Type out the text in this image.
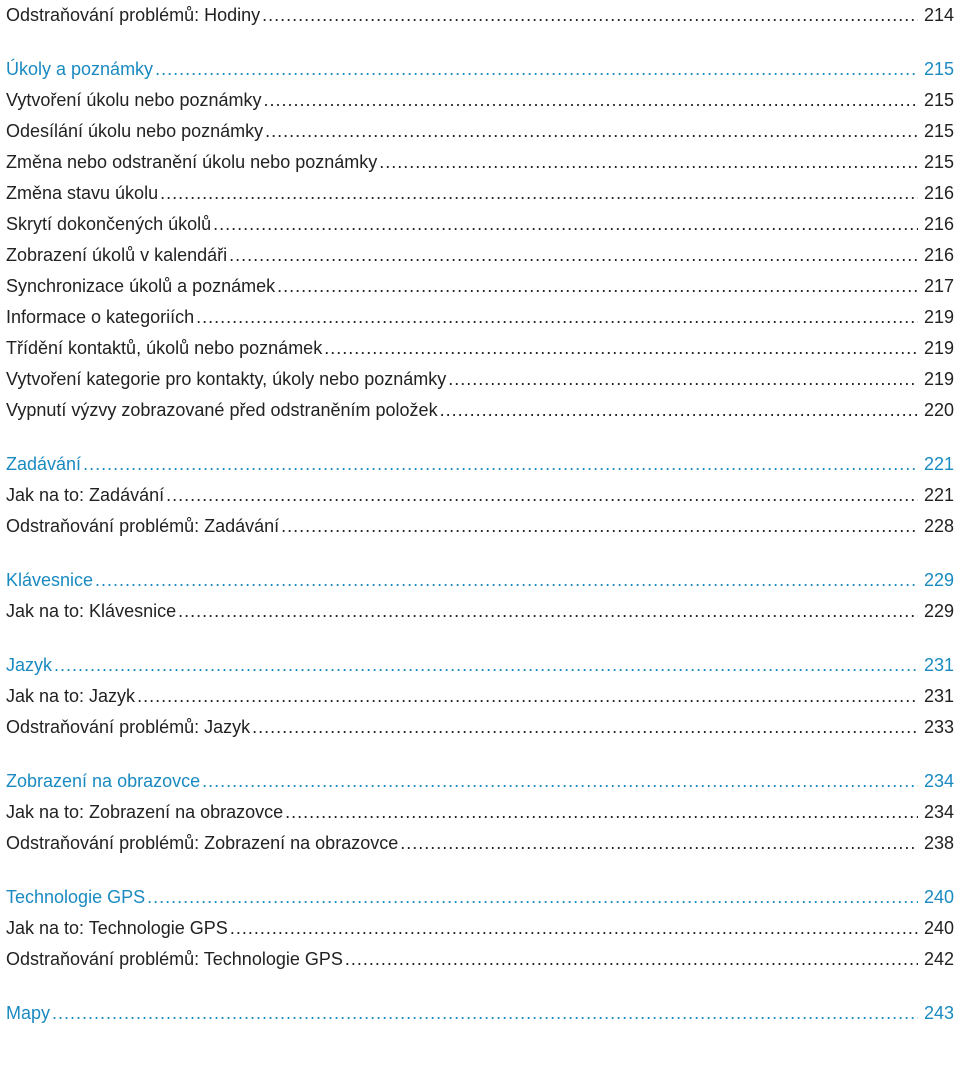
Odstraňování problémů: Hodiny .....	214
Úkoly a poznámky .....	215
Vytvoření úkolu nebo poznámky .....	215
Odesílání úkolu nebo poznámky .....	215
Změna nebo odstranění úkolu nebo poznámky .....	215
Změna stavu úkolu .....	216
Skrytí dokončených úkolů .....	216
Zobrazení úkolů v kalendáři .....	216
Synchronizace úkolů a poznámek .....	217
Informace o kategoriích .....	219
Třídění kontaktů, úkolů nebo poznámek .....	219
Vytvoření kategorie pro kontakty, úkoly nebo poznámky .....	219
Vypnutí výzvy zobrazované před odstraněním položek .....	220
Zadávání .....	221
Jak na to: Zadávání .....	221
Odstraňování problémů: Zadávání .....	228
Klávesnice .....	229
Jak na to: Klávesnice .....	229
Jazyk .....	231
Jak na to: Jazyk .....	231
Odstraňování problémů: Jazyk .....	233
Zobrazení na obrazovce .....	234
Jak na to: Zobrazení na obrazovce .....	234
Odstraňování problémů: Zobrazení na obrazovce .....	238
Technologie GPS .....	240
Jak na to: Technologie GPS .....	240
Odstraňování problémů: Technologie GPS .....	242
Mapy .....	243
